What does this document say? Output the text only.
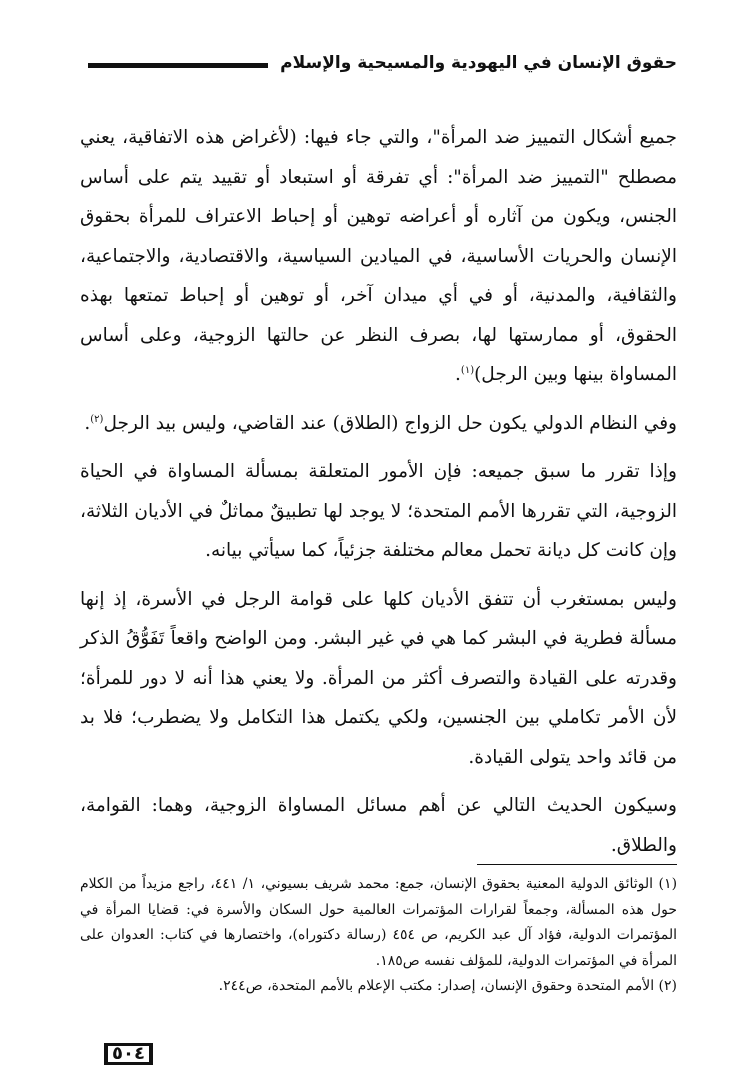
حقوق الإنسان في اليهودية والمسيحية والإسلام

جميع أشكال التمييز ضد المرأة"، والتي جاء فيها: (لأغراض هذه الاتفاقية، يعني مصطلح "التمييز ضد المرأة": أي تفرقة أو استبعاد أو تقييد يتم على أساس الجنس، ويكون من آثاره أو أعراضه توهين أو إحباط الاعتراف للمرأة بحقوق الإنسان والحريات الأساسية، في الميادين السياسية، والاقتصادية، والاجتماعية، والثقافية، والمدنية، أو في أي ميدان آخر، أو توهين أو إحباط تمتعها بهذه الحقوق، أو ممارستها لها، بصرف النظر عن حالتها الزوجية، وعلى أساس المساواة بينها وبين الرجل)$^{(١)}$.

وفي النظام الدولي يكون حل الزواج (الطلاق) عند القاضي، وليس بيد الرجل$^{(٢)}$.

وإذا تقرر ما سبق جميعه: فإن الأمور المتعلقة بمسألة المساواة في الحياة الزوجية، التي تقررها الأمم المتحدة؛ لا يوجد لها تطبيقٌ مماثلٌ في الأديان الثلاثة، وإن كانت كل ديانة تحمل معالم مختلفة جزئياً، كما سيأتي بيانه.

وليس بمستغرب أن تتفق الأديان كلها على قوامة الرجل في الأسرة، إذ إنها مسألة فطرية في البشر كما هي في غير البشر. ومن الواضح واقعاً تَفَوُّقُ الذكر وقدرته على القيادة والتصرف أكثر من المرأة. ولا يعني هذا أنه لا دور للمرأة؛ لأن الأمر تكاملي بين الجنسين، ولكي يكتمل هذا التكامل ولا يضطرب؛ فلا بد من قائد واحد يتولى القيادة.

وسيكون الحديث التالي عن أهم مسائل المساواة الزوجية، وهما: القوامة، والطلاق.

(١) الوثائق الدولية المعنية بحقوق الإنسان، جمع: محمد شريف بسيوني، ١/ ٤٤١، راجع مزيداً من الكلام حول هذه المسألة، وجمعاً لقرارات المؤتمرات العالمية حول السكان والأسرة في: قضايا المرأة في المؤتمرات الدولية، فؤاد آل عبد الكريم، ص ٤٥٤ (رسالة دكتوراه)، واختصارها في كتاب: العدوان على المرأة في المؤتمرات الدولية، للمؤلف نفسه ص١٨٥.

(٢) الأمم المتحدة وحقوق الإنسان، إصدار: مكتب الإعلام بالأمم المتحدة، ص٢٤٤.

٥٠٤
